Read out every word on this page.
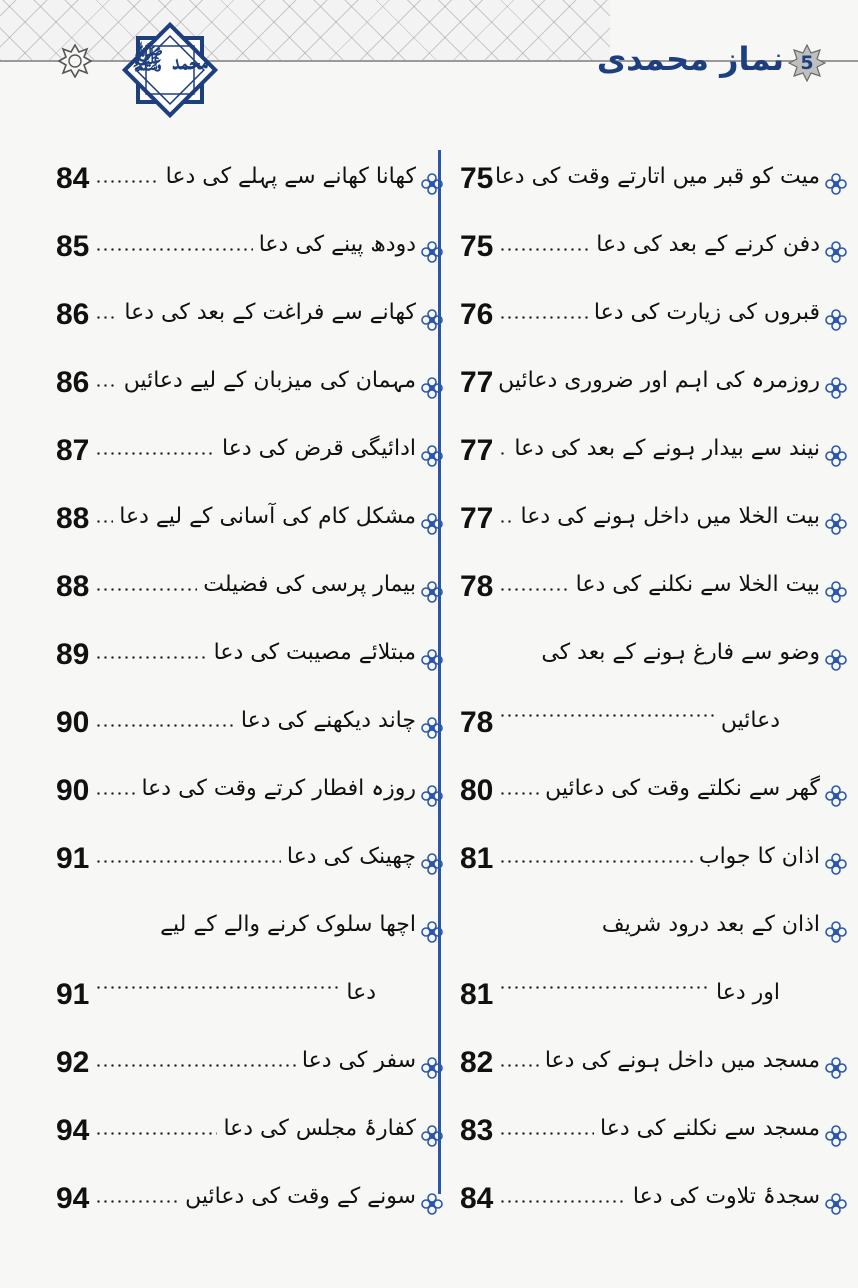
محمد ﷺ	نماز محمدی 5
میت کو قبر میں اتارتے وقت کی دعا
75
دفن کرنے کے بعد کی دعا
75
قبروں کی زیارت کی دعا
76
روزمرہ کی اہم اور ضروری دعائیں
77
نیند سے بیدار ہونے کے بعد کی دعا
77
بیت الخلا میں داخل ہونے کی دعا
77
بیت الخلا سے نکلنے کی دعا
78
وضو سے فارغ ہونے کے بعد کی
دعائیں
78
گھر سے نکلتے وقت کی دعائیں
80
اذان کا جواب
81
اذان کے بعد درود شریف
اور دعا
81
مسجد میں داخل ہونے کی دعا
82
مسجد سے نکلنے کی دعا
83
سجدۂ تلاوت کی دعا
84
کھانا کھانے سے پہلے کی دعا
84
دودھ پینے کی دعا
85
کھانے سے فراغت کے بعد کی دعا
86
مہمان کی میزبان کے لیے دعائیں
86
ادائیگی قرض کی دعا
87
مشکل کام کی آسانی کے لیے دعا
88
بیمار پرسی کی فضیلت
88
مبتلائے مصیبت کی دعا
89
چاند دیکھنے کی دعا
90
روزہ افطار کرتے وقت کی دعا
90
چھینک کی دعا
91
اچھا سلوک کرنے والے کے لیے
دعا
91
سفر کی دعا
92
کفارۂ مجلس کی دعا
94
سونے کے وقت کی دعائیں
94
